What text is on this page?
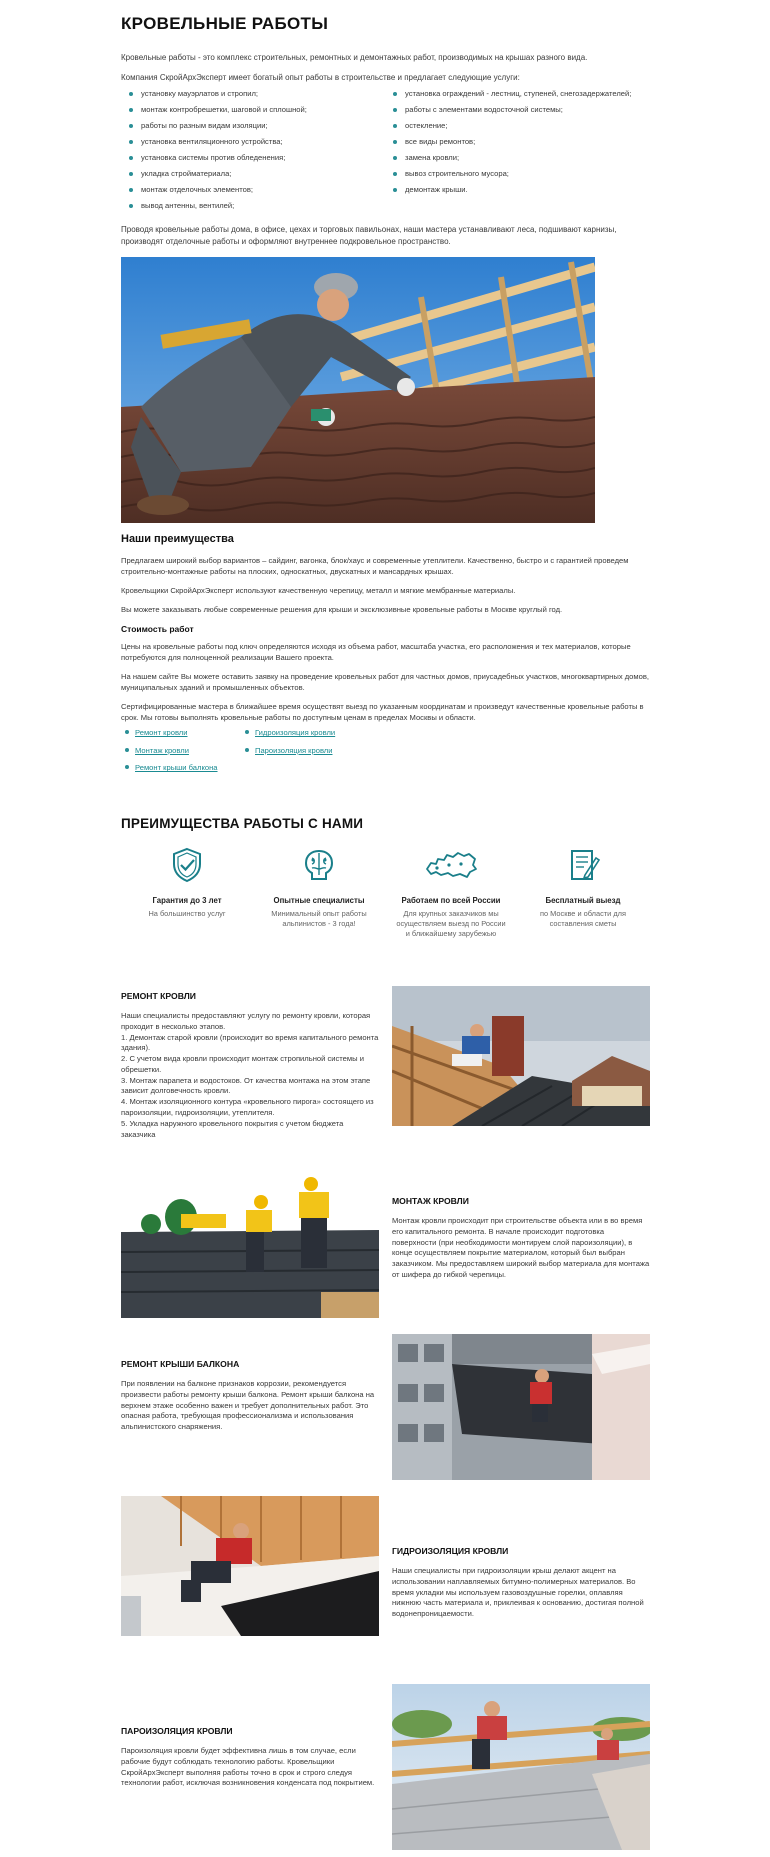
КРОВЕЛЬНЫЕ РАБОТЫ

Кровельные работы - это комплекс строительных, ремонтных и демонтажных работ, производимых на крышах разного вида.

Компания СкройАрхЭксперт имеет богатый опыт работы в строительстве и предлагает следующие услуги:

установку мауэрлатов и стропил;
монтаж контробрешетки, шаговой и сплошной;
работы по разным видам изоляции;
установка вентиляционного устройства;
установка системы против обледенения;
укладка стройматериала;
монтаж отделочных элементов;
вывод антенны, вентилей;
установка ограждений - лестниц, ступеней, снегозадержателей;
работы с элементами водосточной системы;
остекление;
все виды ремонтов;
замена кровли;
вывоз строительного мусора;
демонтаж крыши.

Проводя кровельные работы дома, в офисе, цехах и торговых павильонах, наши мастера устанавливают леса, подшивают карнизы, производят отделочные работы и оформляют внутреннее подкровельное пространство.

Наши преимущества

Предлагаем широкий выбор вариантов – сайдинг, вагонка, блок/хаус и современные утеплители. Качественно, быстро и с гарантией проведем строительно-монтажные работы на плоских, односкатных, двускатных и мансардных крышах.

Кровельщики СкройАрхЭксперт используют качественную черепицу, металл и мягкие мембранные материалы.

Вы можете заказывать любые современные решения для крыши и эксклюзивные кровельные работы в Москве круглый год.

Стоимость работ

Цены на кровельные работы под ключ определяются исходя из объема работ, масштаба участка, его расположения и тех материалов, которые потребуются для полноценной реализации Вашего проекта.

На нашем сайте Вы можете оставить заявку на проведение кровельных работ для частных домов, приусадебных участков, многоквартирных домов, муниципальных зданий и промышленных объектов.

Сертифицированные мастера в ближайшее время осуществят выезд по указанным координатам и произведут качественные кровельные работы в срок. Мы готовы выполнять кровельные работы по доступным ценам в пределах Москвы и области.

Ремонт кровли
Монтаж кровли
Ремонт крыши балкона
Гидроизоляция кровли
Пароизоляция кровли
ПРЕИМУЩЕСТВА РАБОТЫ С НАМИ
Гарантия до 3 лет
На большинство услуг
Опытные специалисты
Минимальный опыт работы альпинистов - 3 года!
Работаем по всей России
Для крупных заказчиков мы осуществляем выезд по России и ближайшему зарубежью
Бесплатный выезд
по Москве и области для составления сметы
РЕМОНТ КРОВЛИ
Наши специалисты предоставляют услугу по ремонту кровли, которая проходит в несколько этапов.
1. Демонтаж старой кровли (происходит во время капитального ремонта здания).
2. С учетом вида кровли происходит монтаж стропильной системы и обрешетки.
3. Монтаж парапета и водостоков. От качества монтажа на этом этапе зависит долговечность кровли.
4. Монтаж изоляционного контура «кровельного пирога» состоящего из пароизоляции, гидроизоляции, утеплителя.
5. Укладка наружного кровельного покрытия с учетом бюджета заказчика
МОНТАЖ КРОВЛИ
Монтаж кровли происходит при строительстве объекта или в во время его капитального ремонта. В начале происходит подготовка поверхности (при необходимости монтируем слой пароизоляции), в конце осуществляем покрытие материалом, который был выбран заказчиком. Мы предоставляем широкий выбор материала для монтажа от шифера до гибкой черепицы.
РЕМОНТ КРЫШИ БАЛКОНА
При появлении на балконе признаков коррозии, рекомендуется произвести работы ремонту крыши балкона. Ремонт крыши балкона на верхнем этаже особенно важен и требует дополнительных работ. Это опасная работа, требующая профессионализма и использования альпинистского снаряжения.
ГИДРОИЗОЛЯЦИЯ КРОВЛИ
Наши специалисты при гидроизоляции крыш делают акцент на использовании наплавляемых битумно-полимерных материалов. Во время укладки мы используем газовоздушные горелки, оплавляя нижнюю часть материала и, приклеивая к основанию, достигая полной водонепроницаемости.
ПАРОИЗОЛЯЦИЯ КРОВЛИ
Пароизоляция кровли будет эффективна лишь в том случае, если рабочие будут соблюдать технологию работы. Кровельщики СкройАрхЭксперт выполняя работы точно в срок и строго следуя технологии работ, исключая возникновения конденсата под покрытием.
